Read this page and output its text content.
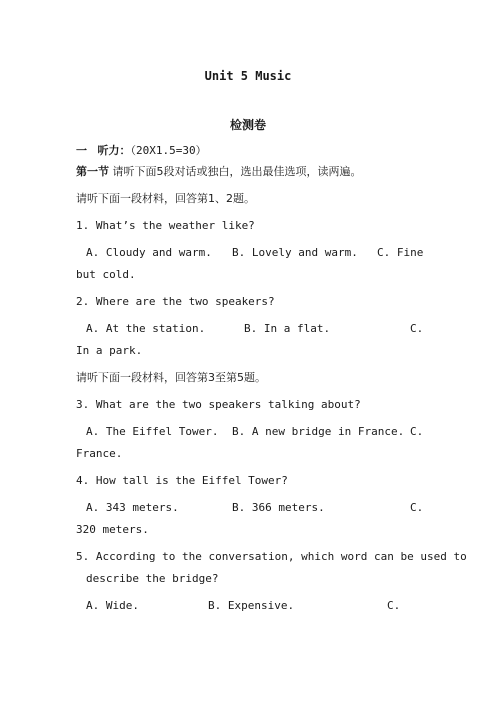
Unit 5 Music
检测卷
一 听力：（20X1.5=30）
第一节 请听下面5段对话或独白，选出最佳选项，读两遍。
请听下面一段材料，回答第1、2题。
1. What’s the weather like?
A. Cloudy and warm. B. Lovely and warm. C. Fine
but cold.
2. Where are the two speakers?
A. At the station.	B. In a flat.	C.
In a park.
请听下面一段材料，回答第3至第5题。
3. What are the two speakers talking about?
A. The Eiffel Tower. B. A new bridge in France. C.
France.
4. How tall is the Eiffel Tower?
A. 343 meters.	B. 366 meters.	C.
320 meters.
5. According to the conversation, which word can be used to
describe the bridge?
A. Wide.	B. Expensive.	C.
